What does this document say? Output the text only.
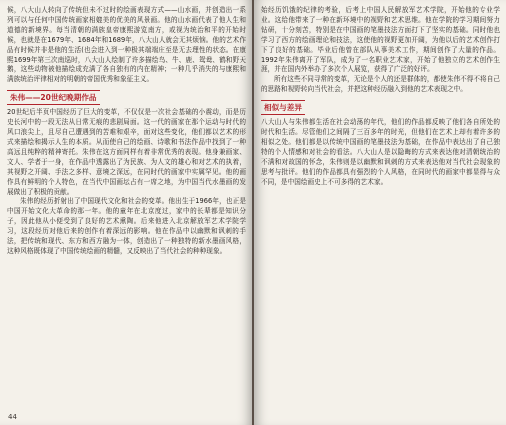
候，八大山人转向了传统但未不过时的绘画表现方式——山水画，并创造出一系列可以与任何中国传统画家相媲美的优美的风景画。他的山水画代表了他人生和道德的新境界。每当清朝的满族皇帝康熙游览南方，或视为统治和平的开始时候，也就是在1679年、1684年和1689年，八大山人就会无其烦恼。他的艺术作品有时候并非是他的生活(也会进入到一种极其端端庄至是无去理性的状态。在康熙1699年第三次南巡时，八大山人绘制了许多描绘鸟、牛、鹿、鸳鸯、鹤和野天鹅，这些动物被他描绘成充满了各自独有的内在精神；一种几乎消失的与康熙和满族统治评律相对的明朝的帝国优秀和象征主义。

朱伟——20世纪晚期作品

20世纪后半页中国经历了巨大的变革，不仅仅是一次社会基础的小震动，而是历史长河中的一段无法从日常无痕的悲剧局面。这一代的画家在那个运动与时代的风口浪尖上，且尽自己遭遇到的苦难和艰辛，面对这些变化，他们都以艺术的形式来描绘和揭示人生的本质。从而使自己的绘画、诗歌和书法作品中找到了一种高远且纯粹的精神寄托。朱伟在这方面同样有着非常优秀的表现。他身兼画家、文人、学者于一身，在作品中透露出了为民族、为人文的雄心和对艺术的执着，其视野之开阔、手法之多样、意境之深远，在同时代的画家中实属罕见。他的画作具有鲜明的个人特色，在当代中国画坛占有一席之地，为中国当代水墨画的发展做出了积极的贡献。

朱伟的经历折射出了中国现代文化和社会的变革。他出生于1966年，也正是中国开始文化大革命的那一年。他的童年在北京度过，家中的长辈都是知识分子，因此他从小便受到了良好的艺术熏陶。后来他进入北京解放军艺术学院学习，这段经历对他后来的创作有着深远的影响。他在作品中以幽默和讽刺的手法，把传统和现代、东方和西方融为一体，创造出了一种独特的新水墨画风格，这种风格既体现了中国传统绘画的精髓，又反映出了当代社会的种种现象。

44

始经历饥饿的纪律的考验，后考上中国人民解放军艺术学院，开始他的专业学业。这给他带来了一种在新环境中的视野和艺术思维。他在学院的学习期间努力钻研，十分刻苦，特别是在中国画的笔墨技法方面打下了坚实的基础。同时他也学习了西方的绘画理论和技法，这使他的视野更加开阔，为他以后的艺术创作打下了良好的基础。毕业后他曾在部队从事美术工作，期间创作了大量的作品。1992年朱伟离开了军队，成为了一名职业艺术家，开始了他独立的艺术创作生涯，并在国内外举办了多次个人展览，获得了广泛的好评。

所有这些不同寻常的变革，无论是个人的还是群体的，都使朱伟不得不将自己的思路和视野转向当代社会，并把这种经历融入到他的艺术表现之中。

相似与差异

八大山人与朱伟都生活在社会动荡的年代，他们的作品都反映了他们各自所处的时代和生活。尽管他们之间隔了三百多年的时光，但他们在艺术上却有着许多的相似之处。他们都是以传统中国画的笔墨技法为基础，在作品中表达出了自己独特的个人情感和对社会的看法。八大山人是以隐晦的方式来表达他对清朝统治的不满和对故国的怀念，朱伟则是以幽默和讽刺的方式来表达他对当代社会现象的思考与批评。他们的作品都具有强烈的个人风格，在同时代的画家中都显得与众不同，是中国绘画史上不可多得的艺术家。
